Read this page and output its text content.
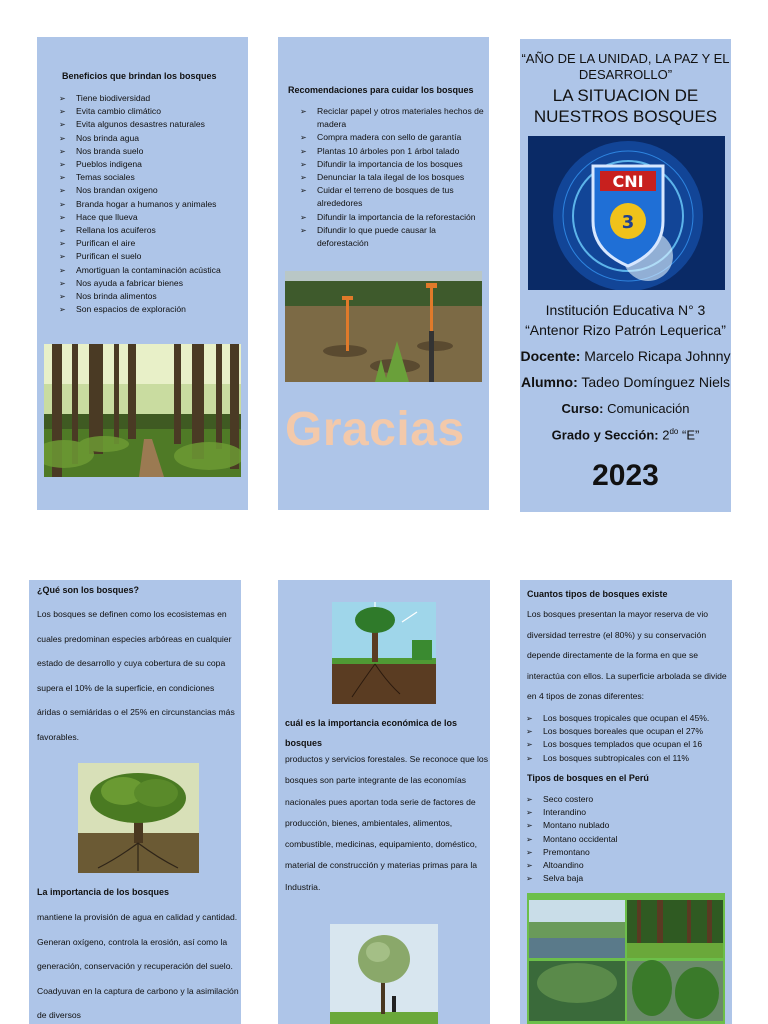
Beneficios que brindan los bosques
➢ Tiene biodiversidad
➢ Evita cambio climático
➢ Evita algunos desastres naturales
➢ Nos brinda agua
➢ Nos branda suelo
➢ Pueblos indigena
➢ Temas sociales
➢ Nos brandan oxigeno
➢ Branda hogar a humanos y animales
➢ Hace que llueva
➢ Rellana los acuiferos
➢ Purifican el aire
➢ Purifican el suelo
➢ Amortiguan la contaminación acústica
➢ Nos ayuda a fabricar bienes
➢ Nos brinda alimentos
➢ Son espacios de exploración
Recomendaciones para cuidar los bosques
➢ Reciclar papel y otros materiales hechos de madera
➢ Compra madera con sello de garantía
➢ Plantas 10 árboles pon 1 árbol talado
➢ Difundir la importancia de los bosques
➢ Denunciar la tala ilegal de los bosques
➢ Cuidar el terreno de bosques de tus alrededores
➢ Difundir la importancia de la reforestación
➢ Difundir lo que puede causar la deforestación
Gracias
“AÑO DE LA UNIDAD, LA PAZ Y EL DESARROLLO”
LA SITUACION DE NUESTROS BOSQUES
CNI
3
Institución Educativa N° 3
“Antenor Rizo Patrón Lequerica”
Docente: Marcelo Ricapa Johnny
Alumno: Tadeo Domínguez Niels
Curso: Comunicación
Grado y Sección: $2^{do}$ “E”
2023
¿Qué son los bosques?

Los bosques se definen como los ecosistemas en cuales predominan especies arbóreas en cualquier estado de desarrollo y cuya cobertura de su copa supera el 10% de la superficie, en condiciones áridas o semiáridas o el 25% en circunstancias más favorables.

La importancia de los bosques

mantiene la provisión de agua en calidad y cantidad. Generan oxígeno, controla la erosión, así como la generación, conservación y recuperación del suelo. Coadyuvan en la captura de carbono y la asimilación de diversos

cuál es la importancia económica de los bosques

productos y servicios forestales. Se reconoce que los bosques son parte integrante de las economías nacionales pues aportan toda serie de factores de producción, bienes, ambientales, alimentos, combustible, medicinas, equipamiento, doméstico, material de construcción y materias primas para la Industria.

Cuantos tipos de bosques existe

Los bosques presentan la mayor reserva de vio diversidad terrestre (el 80%) y su conservación depende directamente de la forma en que se interactúa con ellos. La superficie arbolada se divide en 4 tipos de zonas diferentes:

➢ Los bosques tropicales que ocupan el 45%.
➢ Los bosques boreales que ocupan el 27%
➢ Los bosques templados que ocupan el 16
➢ Los bosques subtropicales con el 11%
Tipos de bosques en el Perú
➢ Seco costero
➢ Interandino
➢ Montano nublado
➢ Montano occidental
➢ Premontano
➢ Altoandino
➢ Selva baja
